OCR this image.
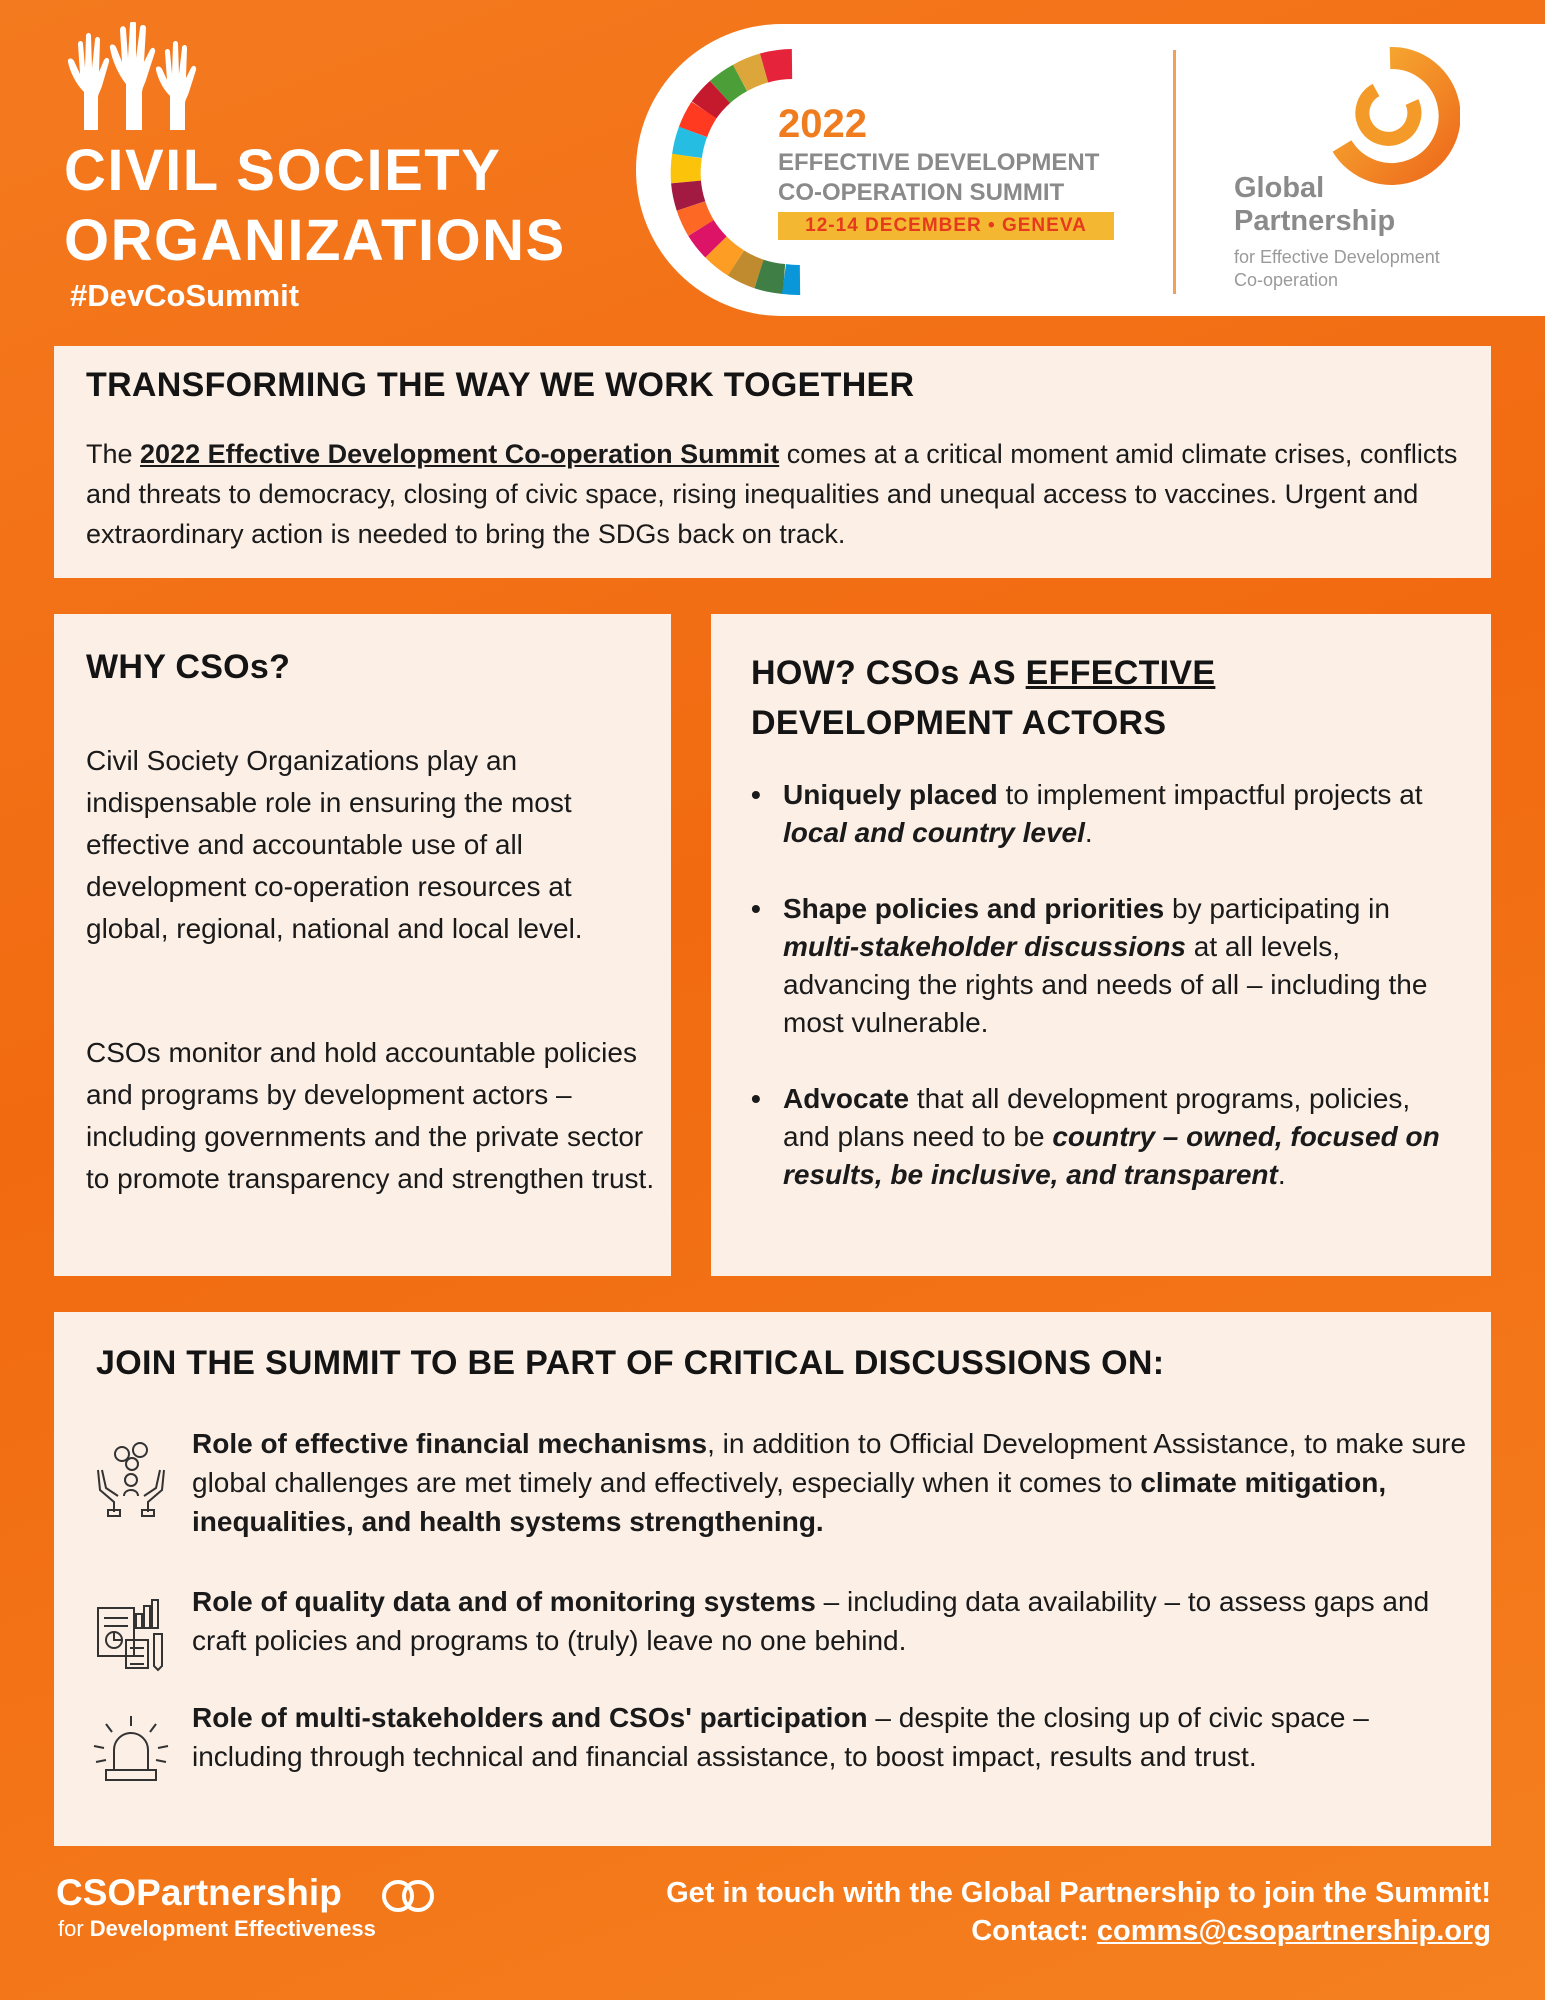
CIVIL SOCIETY
ORGANIZATIONS
#DevCoSummit
2022
EFFECTIVE DEVELOPMENT
CO-OPERATION SUMMIT
12-14 DECEMBER • GENEVA
Global
Partnership
for Effective Development
Co-operation
TRANSFORMING THE WAY WE WORK TOGETHER
The 2022 Effective Development Co-operation Summit comes at a critical moment amid climate crises, conflicts and threats to democracy, closing of civic space, rising inequalities and unequal access to vaccines. Urgent and extraordinary action is needed to bring the SDGs back on track.
WHY CSOs?
Civil Society Organizations play an indispensable role in ensuring the most effective and accountable use of all development co-operation resources at global, regional, national and local level.
CSOs monitor and hold accountable policies and programs by development actors – including governments and the private sector to promote transparency and strengthen trust.
HOW? CSOs AS EFFECTIVE
DEVELOPMENT ACTORS
• Uniquely placed to implement impactful projects at local and country level.
• Shape policies and priorities by participating in multi-stakeholder discussions at all levels, advancing the rights and needs of all – including the most vulnerable.
• Advocate that all development programs, policies, and plans need to be country – owned, focused on results, be inclusive, and transparent.
JOIN THE SUMMIT TO BE PART OF CRITICAL DISCUSSIONS ON:
Role of effective financial mechanisms, in addition to Official Development Assistance, to make sure global challenges are met timely and effectively, especially when it comes to climate mitigation, inequalities, and health systems strengthening.
Role of quality data and of monitoring systems – including data availability – to assess gaps and craft policies and programs to (truly) leave no one behind.
Role of multi-stakeholders and CSOs' participation – despite the closing up of civic space – including through technical and financial assistance, to boost impact, results and trust.
CSOPartnership
for Development Effectiveness
Get in touch with the Global Partnership to join the Summit!
Contact: comms@csopartnership.org
